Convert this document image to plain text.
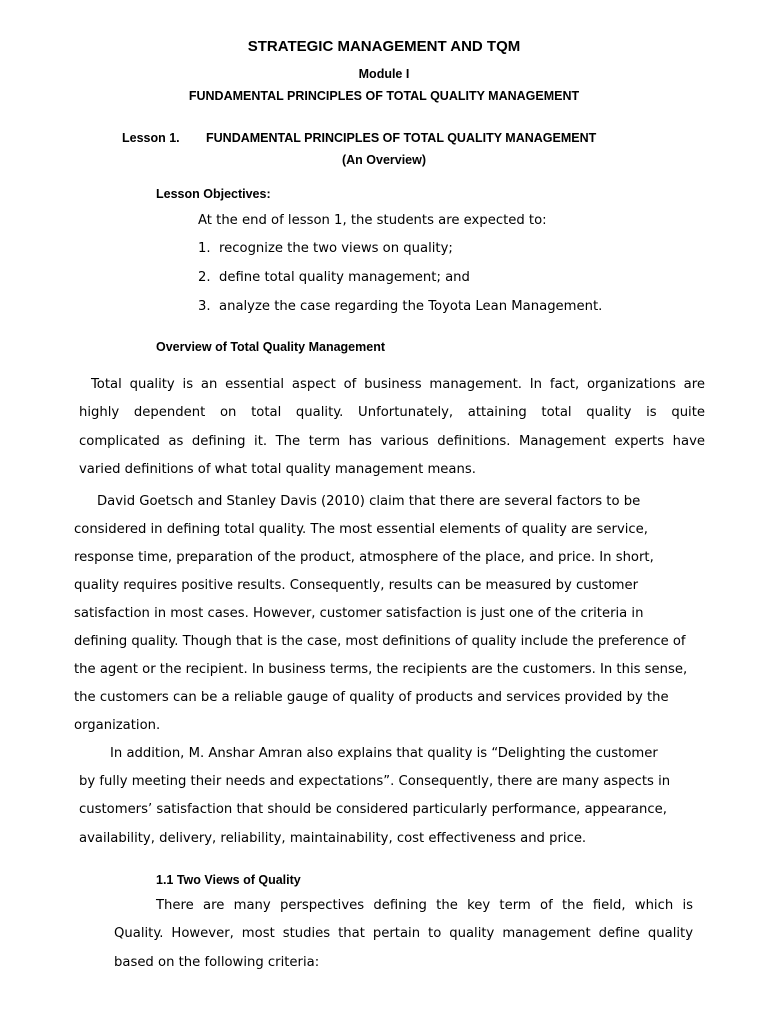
STRATEGIC MANAGEMENT AND TQM
Module I
FUNDAMENTAL PRINCIPLES OF TOTAL QUALITY MANAGEMENT
Lesson 1. FUNDAMENTAL PRINCIPLES OF TOTAL QUALITY MANAGEMENT
(An Overview)
Lesson Objectives:
At the end of lesson 1, the students are expected to:
1. recognize the two views on quality;
2. define total quality management; and
3. analyze the case regarding the Toyota Lean Management.
Overview of Total Quality Management
Total quality is an essential aspect of business management. In fact, organizations are
highly dependent on total quality. Unfortunately, attaining total quality is quite
complicated as defining it. The term has various definitions. Management experts have
varied definitions of what total quality management means.
David Goetsch and Stanley Davis (2010) claim that there are several factors to be
considered in defining total quality. The most essential elements of quality are service,
response time, preparation of the product, atmosphere of the place, and price. In short,
quality requires positive results. Consequently, results can be measured by customer
satisfaction in most cases. However, customer satisfaction is just one of the criteria in
defining quality. Though that is the case, most definitions of quality include the preference of
the agent or the recipient. In business terms, the recipients are the customers. In this sense,
the customers can be a reliable gauge of quality of products and services provided by the
organization.
In addition, M. Anshar Amran also explains that quality is “Delighting the customer
by fully meeting their needs and expectations”. Consequently, there are many aspects in
customers’ satisfaction that should be considered particularly performance, appearance,
availability, delivery, reliability, maintainability, cost effectiveness and price.
1.1 Two Views of Quality
There are many perspectives defining the key term of the field, which is
Quality. However, most studies that pertain to quality management define quality
based on the following criteria:
